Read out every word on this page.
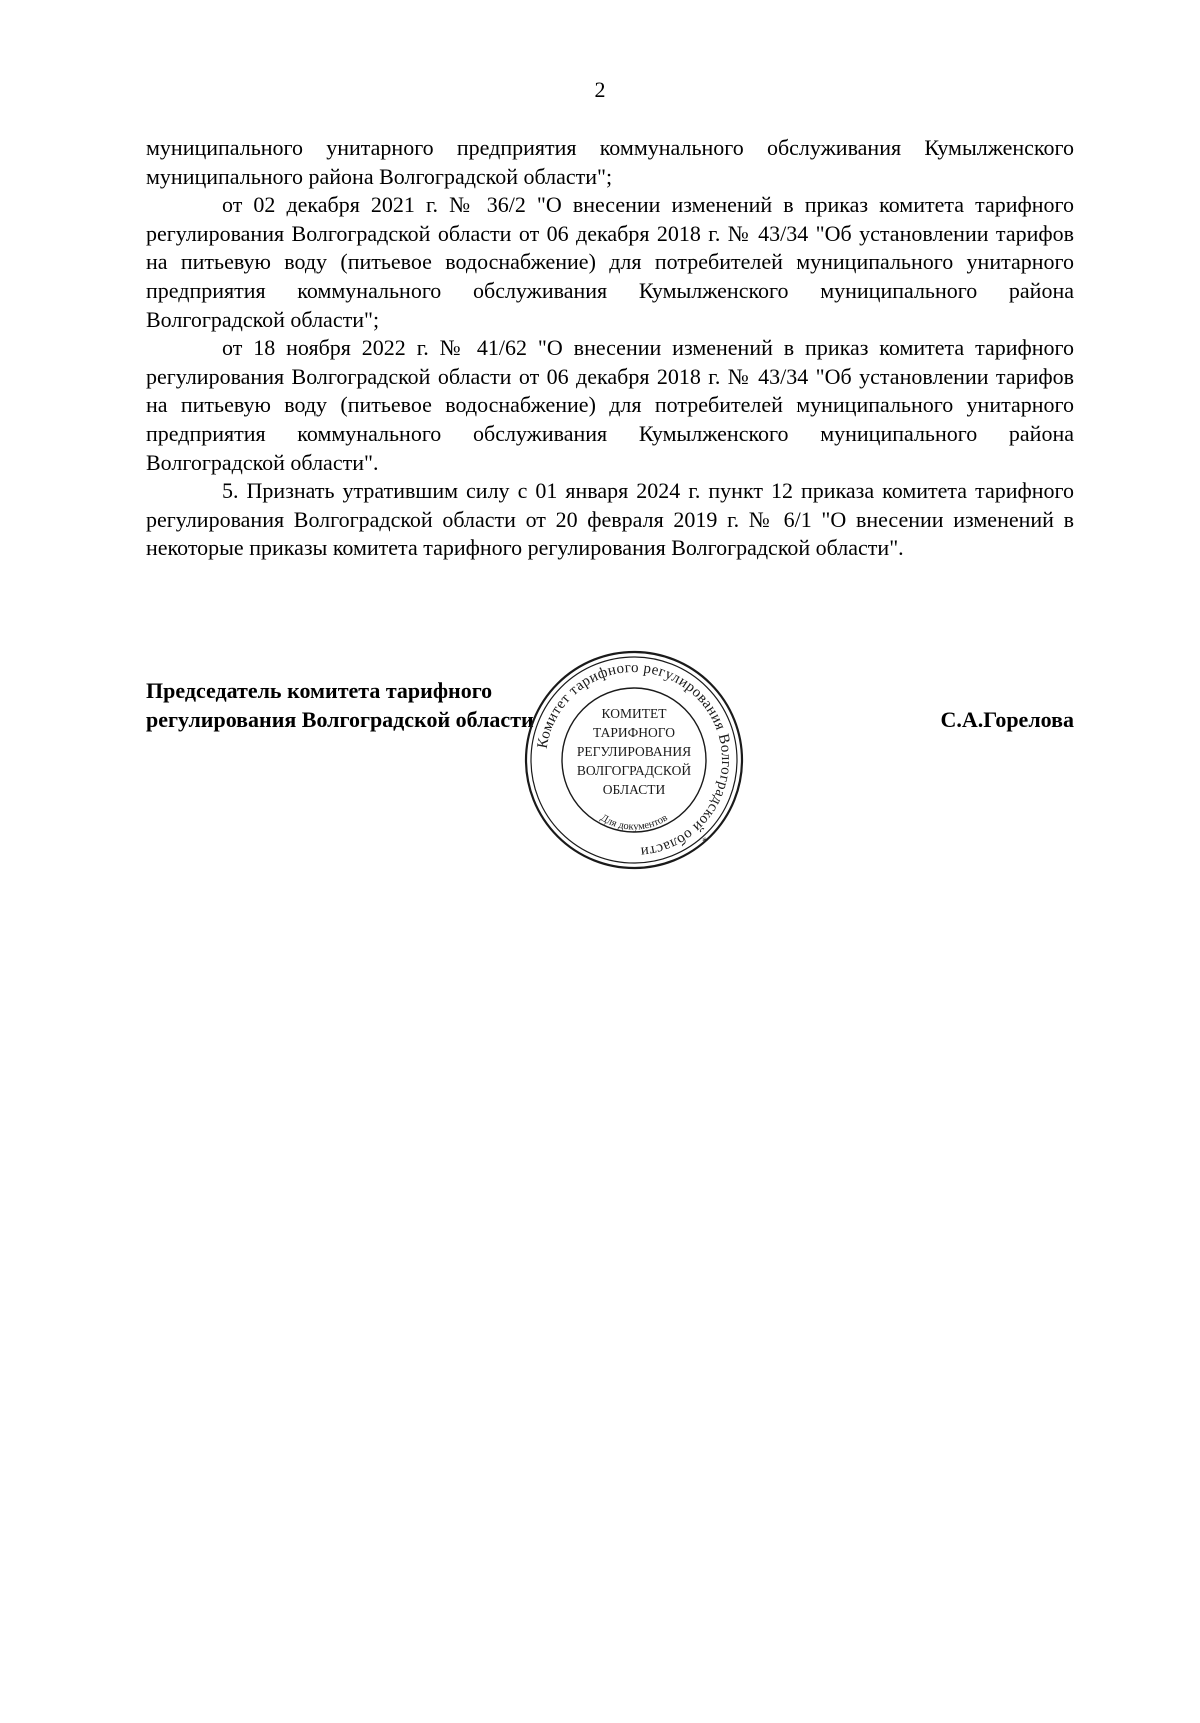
2

муниципального унитарного предприятия коммунального обслуживания Кумылженского муниципального района Волгоградской области";

от 02 декабря 2021 г. № 36/2 "О внесении изменений в приказ комитета тарифного регулирования Волгоградской области от 06 декабря 2018 г. № 43/34 "Об установлении тарифов на питьевую воду (питьевое водоснабжение) для потребителей муниципального унитарного предприятия коммунального обслуживания Кумылженского муниципального района Волгоградской области";

от 18 ноября 2022 г. № 41/62 "О внесении изменений в приказ комитета тарифного регулирования Волгоградской области от 06 декабря 2018 г. № 43/34 "Об установлении тарифов на питьевую воду (питьевое водоснабжение) для потребителей муниципального унитарного предприятия коммунального обслуживания Кумылженского муниципального района Волгоградской области".

5. Признать утратившим силу с 01 января 2024 г. пункт 12 приказа комитета тарифного регулирования Волгоградской области от 20 февраля 2019 г. № 6/1 "О внесении изменений в некоторые приказы комитета тарифного регулирования Волгоградской области".

Председатель комитета тарифного
регулирования Волгоградской области	С.А.Горелова
Комитет тарифного регулирования Волгоградской области
*
КОМИТЕТ
ТАРИФНОГО
РЕГУЛИРОВАНИЯ
ВОЛГОГРАДСКОЙ
ОБЛАСТИ
Для документов
